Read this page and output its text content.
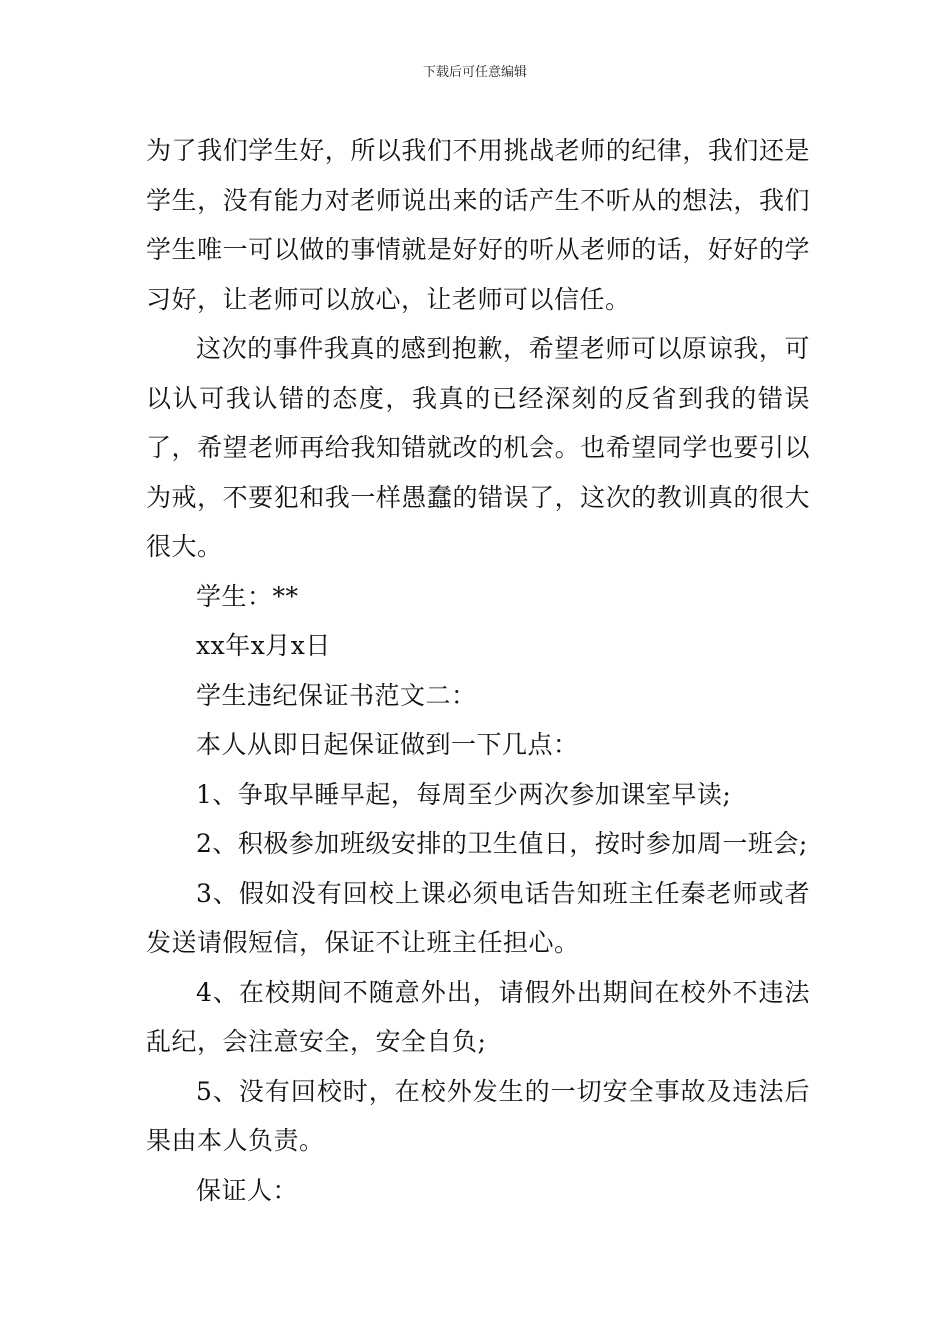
下载后可任意编辑

为了我们学生好，所以我们不用挑战老师的纪律，我们还是学生，没有能力对老师说出来的话产生不听从的想法，我们学生唯一可以做的事情就是好好的听从老师的话，好好的学习好，让老师可以放心，让老师可以信任。

这次的事件我真的感到抱歉，希望老师可以原谅我，可以认可我认错的态度，我真的已经深刻的反省到我的错误了，希望老师再给我知错就改的机会。也希望同学也要引以为戒，不要犯和我一样愚蠢的错误了，这次的教训真的很大很大。

学生：**

xx年x月x日

学生违纪保证书范文二：

本人从即日起保证做到一下几点：

1、争取早睡早起，每周至少两次参加课室早读;

2、积极参加班级安排的卫生值日，按时参加周一班会;

3、假如没有回校上课必须电话告知班主任秦老师或者发送请假短信，保证不让班主任担心。

4、在校期间不随意外出，请假外出期间在校外不违法乱纪，会注意安全，安全自负;

5、没有回校时，在校外发生的一切安全事故及违法后果由本人负责。

保证人：
